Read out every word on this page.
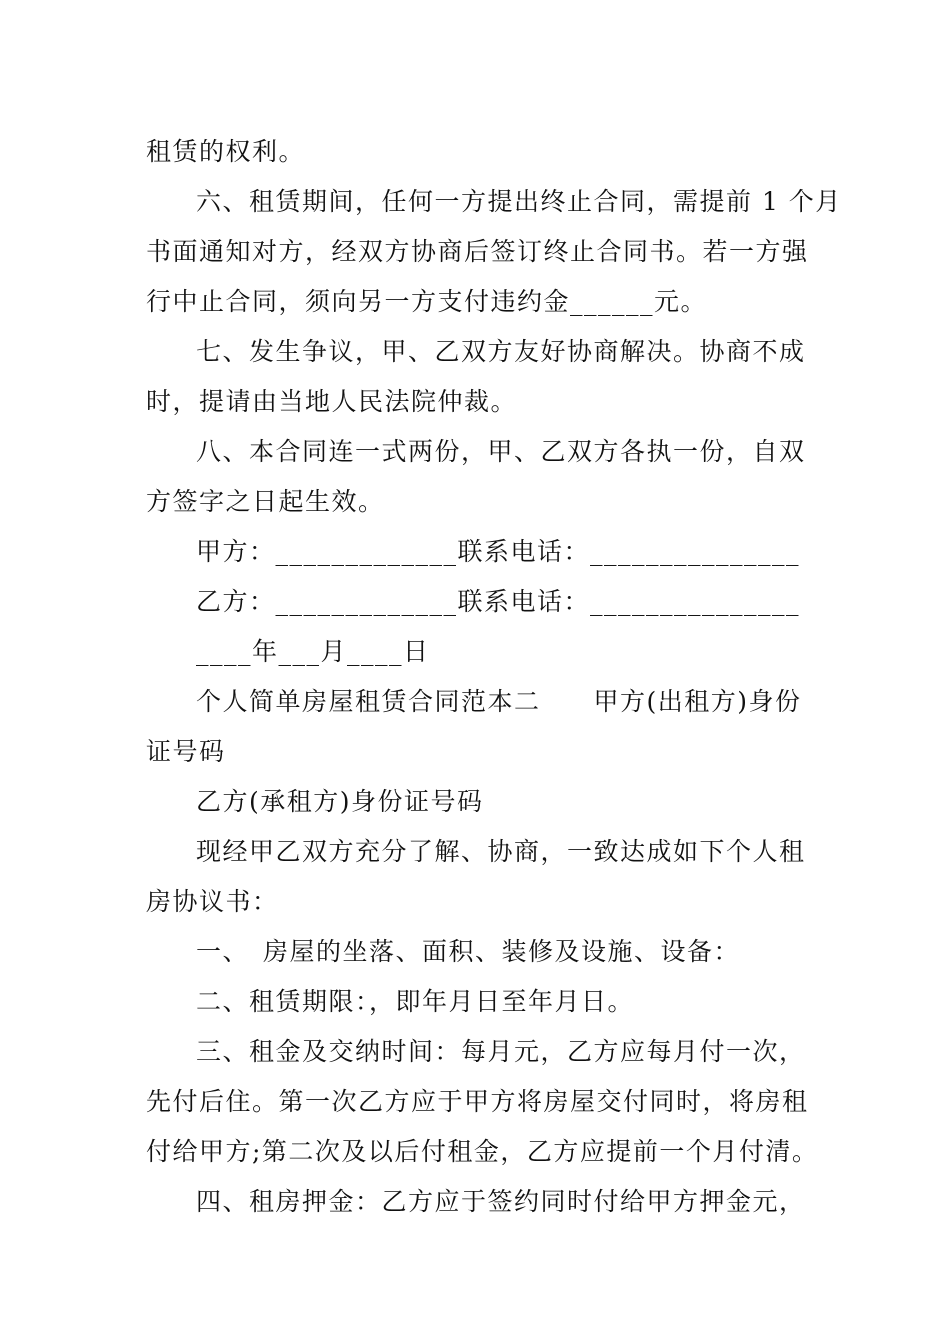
租赁的权利。
六、租赁期间，任何一方提出终止合同，需提前 1 个月
书面通知对方，经双方协商后签订终止合同书。若一方强
行中止合同，须向另一方支付违约金______元。
七、发生争议，甲、乙双方友好协商解决。协商不成
时，提请由当地人民法院仲裁。
八、本合同连一式两份，甲、乙双方各执一份，自双
方签字之日起生效。
甲方：_____________联系电话：_______________
乙方：_____________联系电话：_______________
____年___月____日
个人简单房屋租赁合同范本二　　甲方(出租方)身份
证号码
乙方(承租方)身份证号码
现经甲乙双方充分了解、协商，一致达成如下个人租
房协议书：
一、　房屋的坐落、面积、装修及设施、设备：
二、租赁期限：，即年月日至年月日。
三、租金及交纳时间：每月元，乙方应每月付一次，
先付后住。第一次乙方应于甲方将房屋交付同时，将房租
付给甲方;第二次及以后付租金，乙方应提前一个月付清。
四、租房押金：乙方应于签约同时付给甲方押金元，
